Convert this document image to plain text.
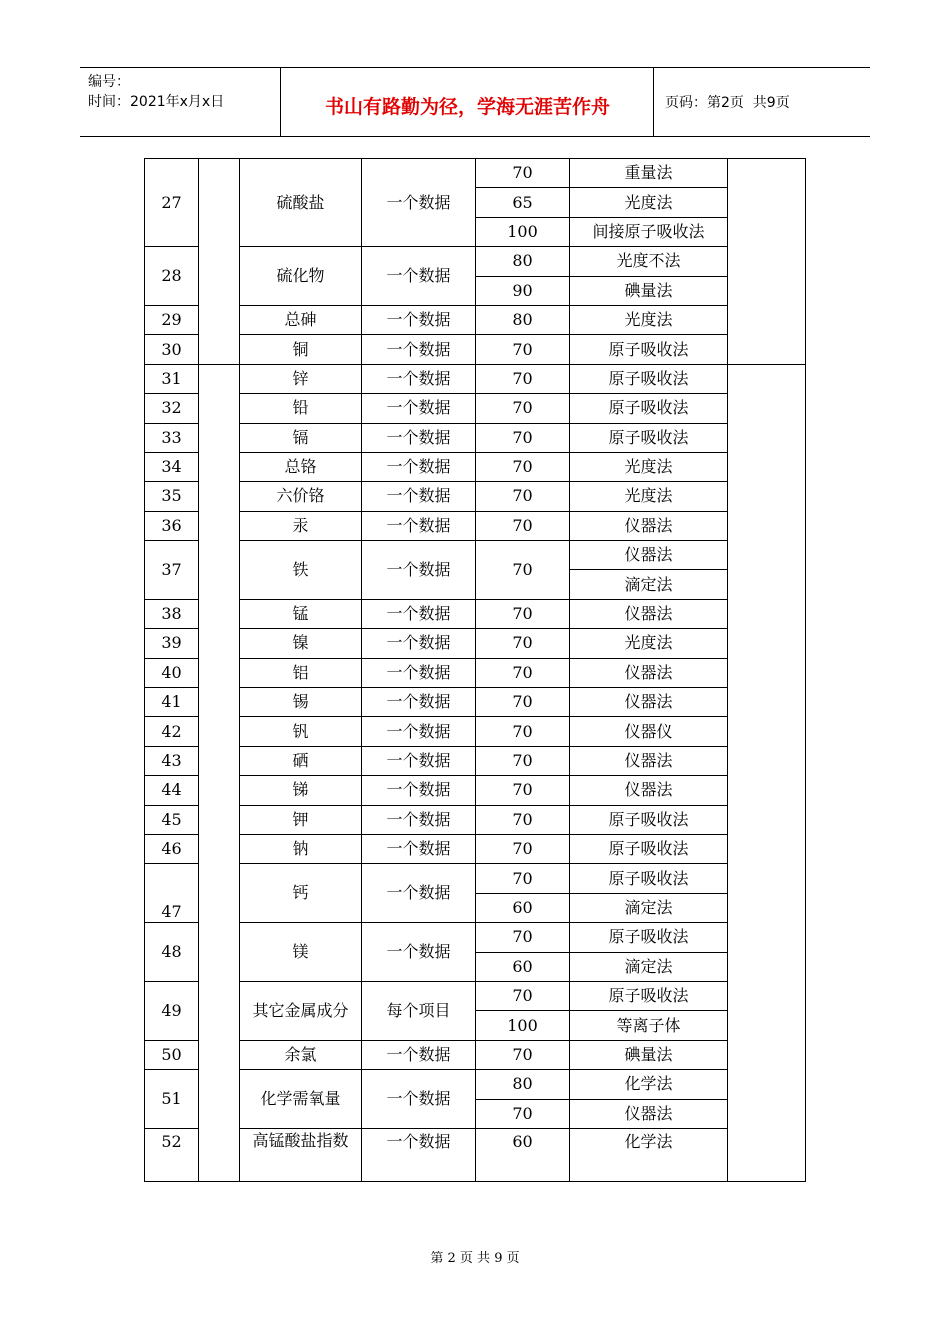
编号：
时间：2021年x月x日	书山有路勤为径，学海无涯苦作舟	页码：第2页  共9页
27		硫酸盐	一个数据	70	重量法	
				65	光度法	
				100	间接原子吸收法	
28		硫化物	一个数据	80	光度不法	
				90	碘量法	
29		总砷	一个数据	80	光度法	
30		铜	一个数据	70	原子吸收法	
31		锌	一个数据	70	原子吸收法	
32		铅	一个数据	70	原子吸收法	
33		镉	一个数据	70	原子吸收法	
34		总铬	一个数据	70	光度法	
35		六价铬	一个数据	70	光度法	
36		汞	一个数据	70	仪器法	
37		铁	一个数据	70	仪器法	
					滴定法	
38		锰	一个数据	70	仪器法	
39		镍	一个数据	70	光度法	
40		铝	一个数据	70	仪器法	
41		锡	一个数据	70	仪器法	
42		钒	一个数据	70	仪器仪	
43		硒	一个数据	70	仪器法	
44		锑	一个数据	70	仪器法	
45		钾	一个数据	70	原子吸收法	
46		钠	一个数据	70	原子吸收法	
47		钙	一个数据	70	原子吸收法	
				60	滴定法	
48		镁	一个数据	70	原子吸收法	
				60	滴定法	
49		其它金属成分	每个项目	70	原子吸收法	
				100	等离子体	
50		余氯	一个数据	70	碘量法	
51		化学需氧量	一个数据	80	化学法	
				70	仪器法	
52		高锰酸盐指数	一个数据	60	化学法	
第 2 页 共 9 页
